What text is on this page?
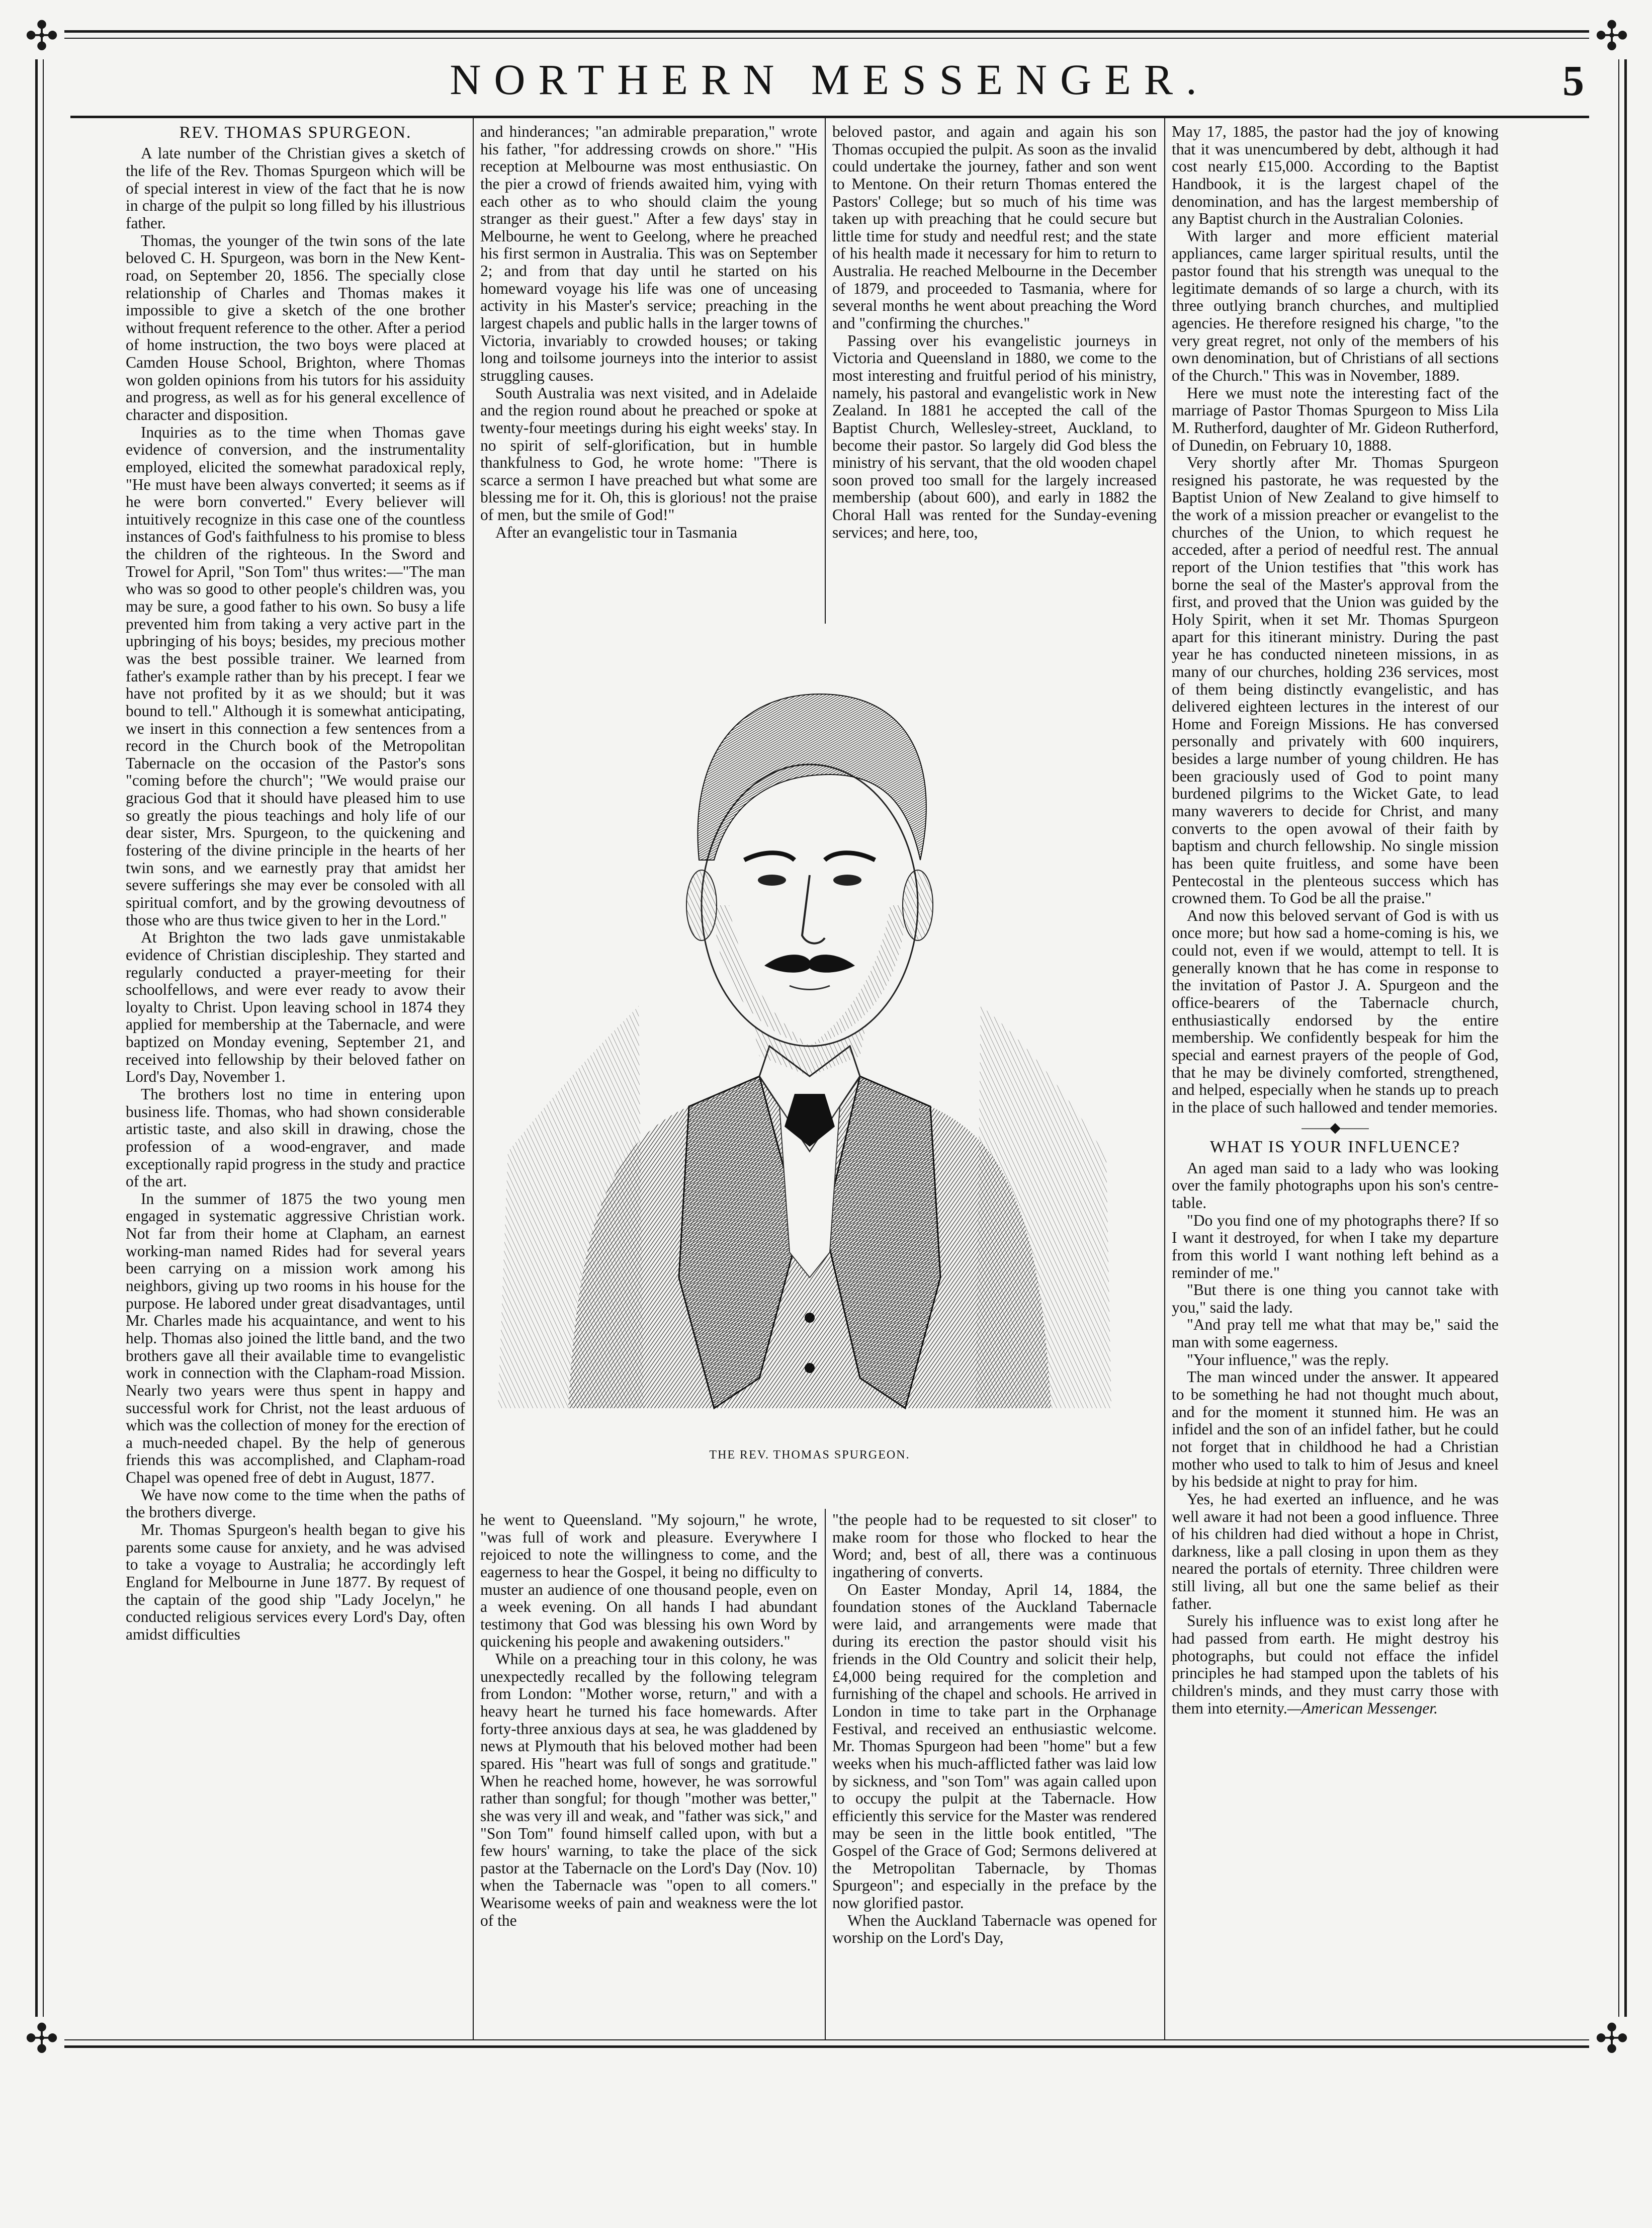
✣	✣
✣	✣
NORTHERN MESSENGER.	5
REV. THOMAS SPURGEON.

A late number of the Christian gives a sketch of the life of the Rev. Thomas Spurgeon which will be of special interest in view of the fact that he is now in charge of the pulpit so long filled by his illustrious father.

Thomas, the younger of the twin sons of the late beloved C. H. Spurgeon, was born in the New Kent-road, on September 20, 1856. The specially close relationship of Charles and Thomas makes it impossible to give a sketch of the one brother without frequent reference to the other. After a period of home instruction, the two boys were placed at Camden House School, Brighton, where Thomas won golden opinions from his tutors for his assiduity and progress, as well as for his general excellence of character and disposition.

Inquiries as to the time when Thomas gave evidence of conversion, and the instrumentality employed, elicited the somewhat paradoxical reply, "He must have been always converted; it seems as if he were born converted." Every believer will intuitively recognize in this case one of the countless instances of God's faithfulness to his promise to bless the children of the righteous. In the Sword and Trowel for April, "Son Tom" thus writes:—"The man who was so good to other people's children was, you may be sure, a good father to his own. So busy a life prevented him from taking a very active part in the upbringing of his boys; besides, my precious mother was the best possible trainer. We learned from father's example rather than by his precept. I fear we have not profited by it as we should; but it was bound to tell." Although it is somewhat anticipating, we insert in this connection a few sentences from a record in the Church book of the Metropolitan Tabernacle on the occasion of the Pastor's sons "coming before the church"; "We would praise our gracious God that it should have pleased him to use so greatly the pious teachings and holy life of our dear sister, Mrs. Spurgeon, to the quickening and fostering of the divine principle in the hearts of her twin sons, and we earnestly pray that amidst her severe sufferings she may ever be consoled with all spiritual comfort, and by the growing devoutness of those who are thus twice given to her in the Lord."

At Brighton the two lads gave unmistakable evidence of Christian discipleship. They started and regularly conducted a prayer-meeting for their schoolfellows, and were ever ready to avow their loyalty to Christ. Upon leaving school in 1874 they applied for membership at the Tabernacle, and were baptized on Monday evening, September 21, and received into fellowship by their beloved father on Lord's Day, November 1.

The brothers lost no time in entering upon business life. Thomas, who had shown considerable artistic taste, and also skill in drawing, chose the profession of a wood-engraver, and made exceptionally rapid progress in the study and practice of the art.

In the summer of 1875 the two young men engaged in systematic aggressive Christian work. Not far from their home at Clapham, an earnest working-man named Rides had for several years been carrying on a mission work among his neighbors, giving up two rooms in his house for the purpose. He labored under great disadvantages, until Mr. Charles made his acquaintance, and went to his help. Thomas also joined the little band, and the two brothers gave all their available time to evangelistic work in connection with the Clapham-road Mission. Nearly two years were thus spent in happy and successful work for Christ, not the least arduous of which was the collection of money for the erection of a much-needed chapel. By the help of generous friends this was accomplished, and Clapham-road Chapel was opened free of debt in August, 1877.

We have now come to the time when the paths of the brothers diverge.

Mr. Thomas Spurgeon's health began to give his parents some cause for anxiety, and he was advised to take a voyage to Australia; he accordingly left England for Melbourne in June 1877. By request of the captain of the good ship "Lady Jocelyn," he conducted religious services every Lord's Day, often amidst difficulties

and hinderances; "an admirable preparation," wrote his father, "for addressing crowds on shore." "His reception at Melbourne was most enthusiastic. On the pier a crowd of friends awaited him, vying with each other as to who should claim the young stranger as their guest." After a few days' stay in Melbourne, he went to Geelong, where he preached his first sermon in Australia. This was on September 2; and from that day until he started on his homeward voyage his life was one of unceasing activity in his Master's service; preaching in the largest chapels and public halls in the larger towns of Victoria, invariably to crowded houses; or taking long and toilsome journeys into the interior to assist struggling causes.

South Australia was next visited, and in Adelaide and the region round about he preached or spoke at twenty-four meetings during his eight weeks' stay. In no spirit of self-glorification, but in humble thankfulness to God, he wrote home: "There is scarce a sermon I have preached but what some are blessing me for it. Oh, this is glorious! not the praise of men, but the smile of God!"

After an evangelistic tour in Tasmania

beloved pastor, and again and again his son Thomas occupied the pulpit. As soon as the invalid could undertake the journey, father and son went to Mentone. On their return Thomas entered the Pastors' College; but so much of his time was taken up with preaching that he could secure but little time for study and needful rest; and the state of his health made it necessary for him to return to Australia. He reached Melbourne in the December of 1879, and proceeded to Tasmania, where for several months he went about preaching the Word and "confirming the churches."

Passing over his evangelistic journeys in Victoria and Queensland in 1880, we come to the most interesting and fruitful period of his ministry, namely, his pastoral and evangelistic work in New Zealand. In 1881 he accepted the call of the Baptist Church, Wellesley-street, Auckland, to become their pastor. So largely did God bless the ministry of his servant, that the old wooden chapel soon proved too small for the largely increased membership (about 600), and early in 1882 the Choral Hall was rented for the Sunday-evening services; and here, too,

THE REV. THOMAS SPURGEON.

he went to Queensland. "My sojourn," he wrote, "was full of work and pleasure. Everywhere I rejoiced to note the willingness to come, and the eagerness to hear the Gospel, it being no difficulty to muster an audience of one thousand people, even on a week evening. On all hands I had abundant testimony that God was blessing his own Word by quickening his people and awakening outsiders."

While on a preaching tour in this colony, he was unexpectedly recalled by the following telegram from London: "Mother worse, return," and with a heavy heart he turned his face homewards. After forty-three anxious days at sea, he was gladdened by news at Plymouth that his beloved mother had been spared. His "heart was full of songs and gratitude." When he reached home, however, he was sorrowful rather than songful; for though "mother was better," she was very ill and weak, and "father was sick," and "Son Tom" found himself called upon, with but a few hours' warning, to take the place of the sick pastor at the Tabernacle on the Lord's Day (Nov. 10) when the Tabernacle was "open to all comers." Wearisome weeks of pain and weakness were the lot of the

"the people had to be requested to sit closer" to make room for those who flocked to hear the Word; and, best of all, there was a continuous ingathering of converts.

On Easter Monday, April 14, 1884, the foundation stones of the Auckland Tabernacle were laid, and arrangements were made that during its erection the pastor should visit his friends in the Old Country and solicit their help, £4,000 being required for the completion and furnishing of the chapel and schools. He arrived in London in time to take part in the Orphanage Festival, and received an enthusiastic welcome. Mr. Thomas Spurgeon had been "home" but a few weeks when his much-afflicted father was laid low by sickness, and "son Tom" was again called upon to occupy the pulpit at the Tabernacle. How efficiently this service for the Master was rendered may be seen in the little book entitled, "The Gospel of the Grace of God; Sermons delivered at the Metropolitan Tabernacle, by Thomas Spurgeon"; and especially in the preface by the now glorified pastor.

When the Auckland Tabernacle was opened for worship on the Lord's Day,

May 17, 1885, the pastor had the joy of knowing that it was unencumbered by debt, although it had cost nearly £15,000. According to the Baptist Handbook, it is the largest chapel of the denomination, and has the largest membership of any Baptist church in the Australian Colonies.

With larger and more efficient material appliances, came larger spiritual results, until the pastor found that his strength was unequal to the legitimate demands of so large a church, with its three outlying branch churches, and multiplied agencies. He therefore resigned his charge, "to the very great regret, not only of the members of his own denomination, but of Christians of all sections of the Church." This was in November, 1889.

Here we must note the interesting fact of the marriage of Pastor Thomas Spurgeon to Miss Lila M. Rutherford, daughter of Mr. Gideon Rutherford, of Dunedin, on February 10, 1888.

Very shortly after Mr. Thomas Spurgeon resigned his pastorate, he was requested by the Baptist Union of New Zealand to give himself to the work of a mission preacher or evangelist to the churches of the Union, to which request he acceded, after a period of needful rest. The annual report of the Union testifies that "this work has borne the seal of the Master's approval from the first, and proved that the Union was guided by the Holy Spirit, when it set Mr. Thomas Spurgeon apart for this itinerant ministry. During the past year he has conducted nineteen missions, in as many of our churches, holding 236 services, most of them being distinctly evangelistic, and has delivered eighteen lectures in the interest of our Home and Foreign Missions. He has conversed personally and privately with 600 inquirers, besides a large number of young children. He has been graciously used of God to point many burdened pilgrims to the Wicket Gate, to lead many waverers to decide for Christ, and many converts to the open avowal of their faith by baptism and church fellowship. No single mission has been quite fruitless, and some have been Pentecostal in the plenteous success which has crowned them. To God be all the praise."

And now this beloved servant of God is with us once more; but how sad a home-coming is his, we could not, even if we would, attempt to tell. It is generally known that he has come in response to the invitation of Pastor J. A. Spurgeon and the office-bearers of the Tabernacle church, enthusiastically endorsed by the entire membership. We confidently bespeak for him the special and earnest prayers of the people of God, that he may be divinely comforted, strengthened, and helped, especially when he stands up to preach in the place of such hallowed and tender memories.

——◆——
WHAT IS YOUR INFLUENCE?

An aged man said to a lady who was looking over the family photographs upon his son's centre-table.

"Do you find one of my photographs there? If so I want it destroyed, for when I take my departure from this world I want nothing left behind as a reminder of me."

"But there is one thing you cannot take with you," said the lady.

"And pray tell me what that may be," said the man with some eagerness.

"Your influence," was the reply.

The man winced under the answer. It appeared to be something he had not thought much about, and for the moment it stunned him. He was an infidel and the son of an infidel father, but he could not forget that in childhood he had a Christian mother who used to talk to him of Jesus and kneel by his bedside at night to pray for him.

Yes, he had exerted an influence, and he was well aware it had not been a good influence. Three of his children had died without a hope in Christ, darkness, like a pall closing in upon them as they neared the portals of eternity. Three children were still living, all but one the same belief as their father.

Surely his influence was to exist long after he had passed from earth. He might destroy his photographs, but could not efface the infidel principles he had stamped upon the tablets of his children's minds, and they must carry those with them into eternity.—American Messenger.
